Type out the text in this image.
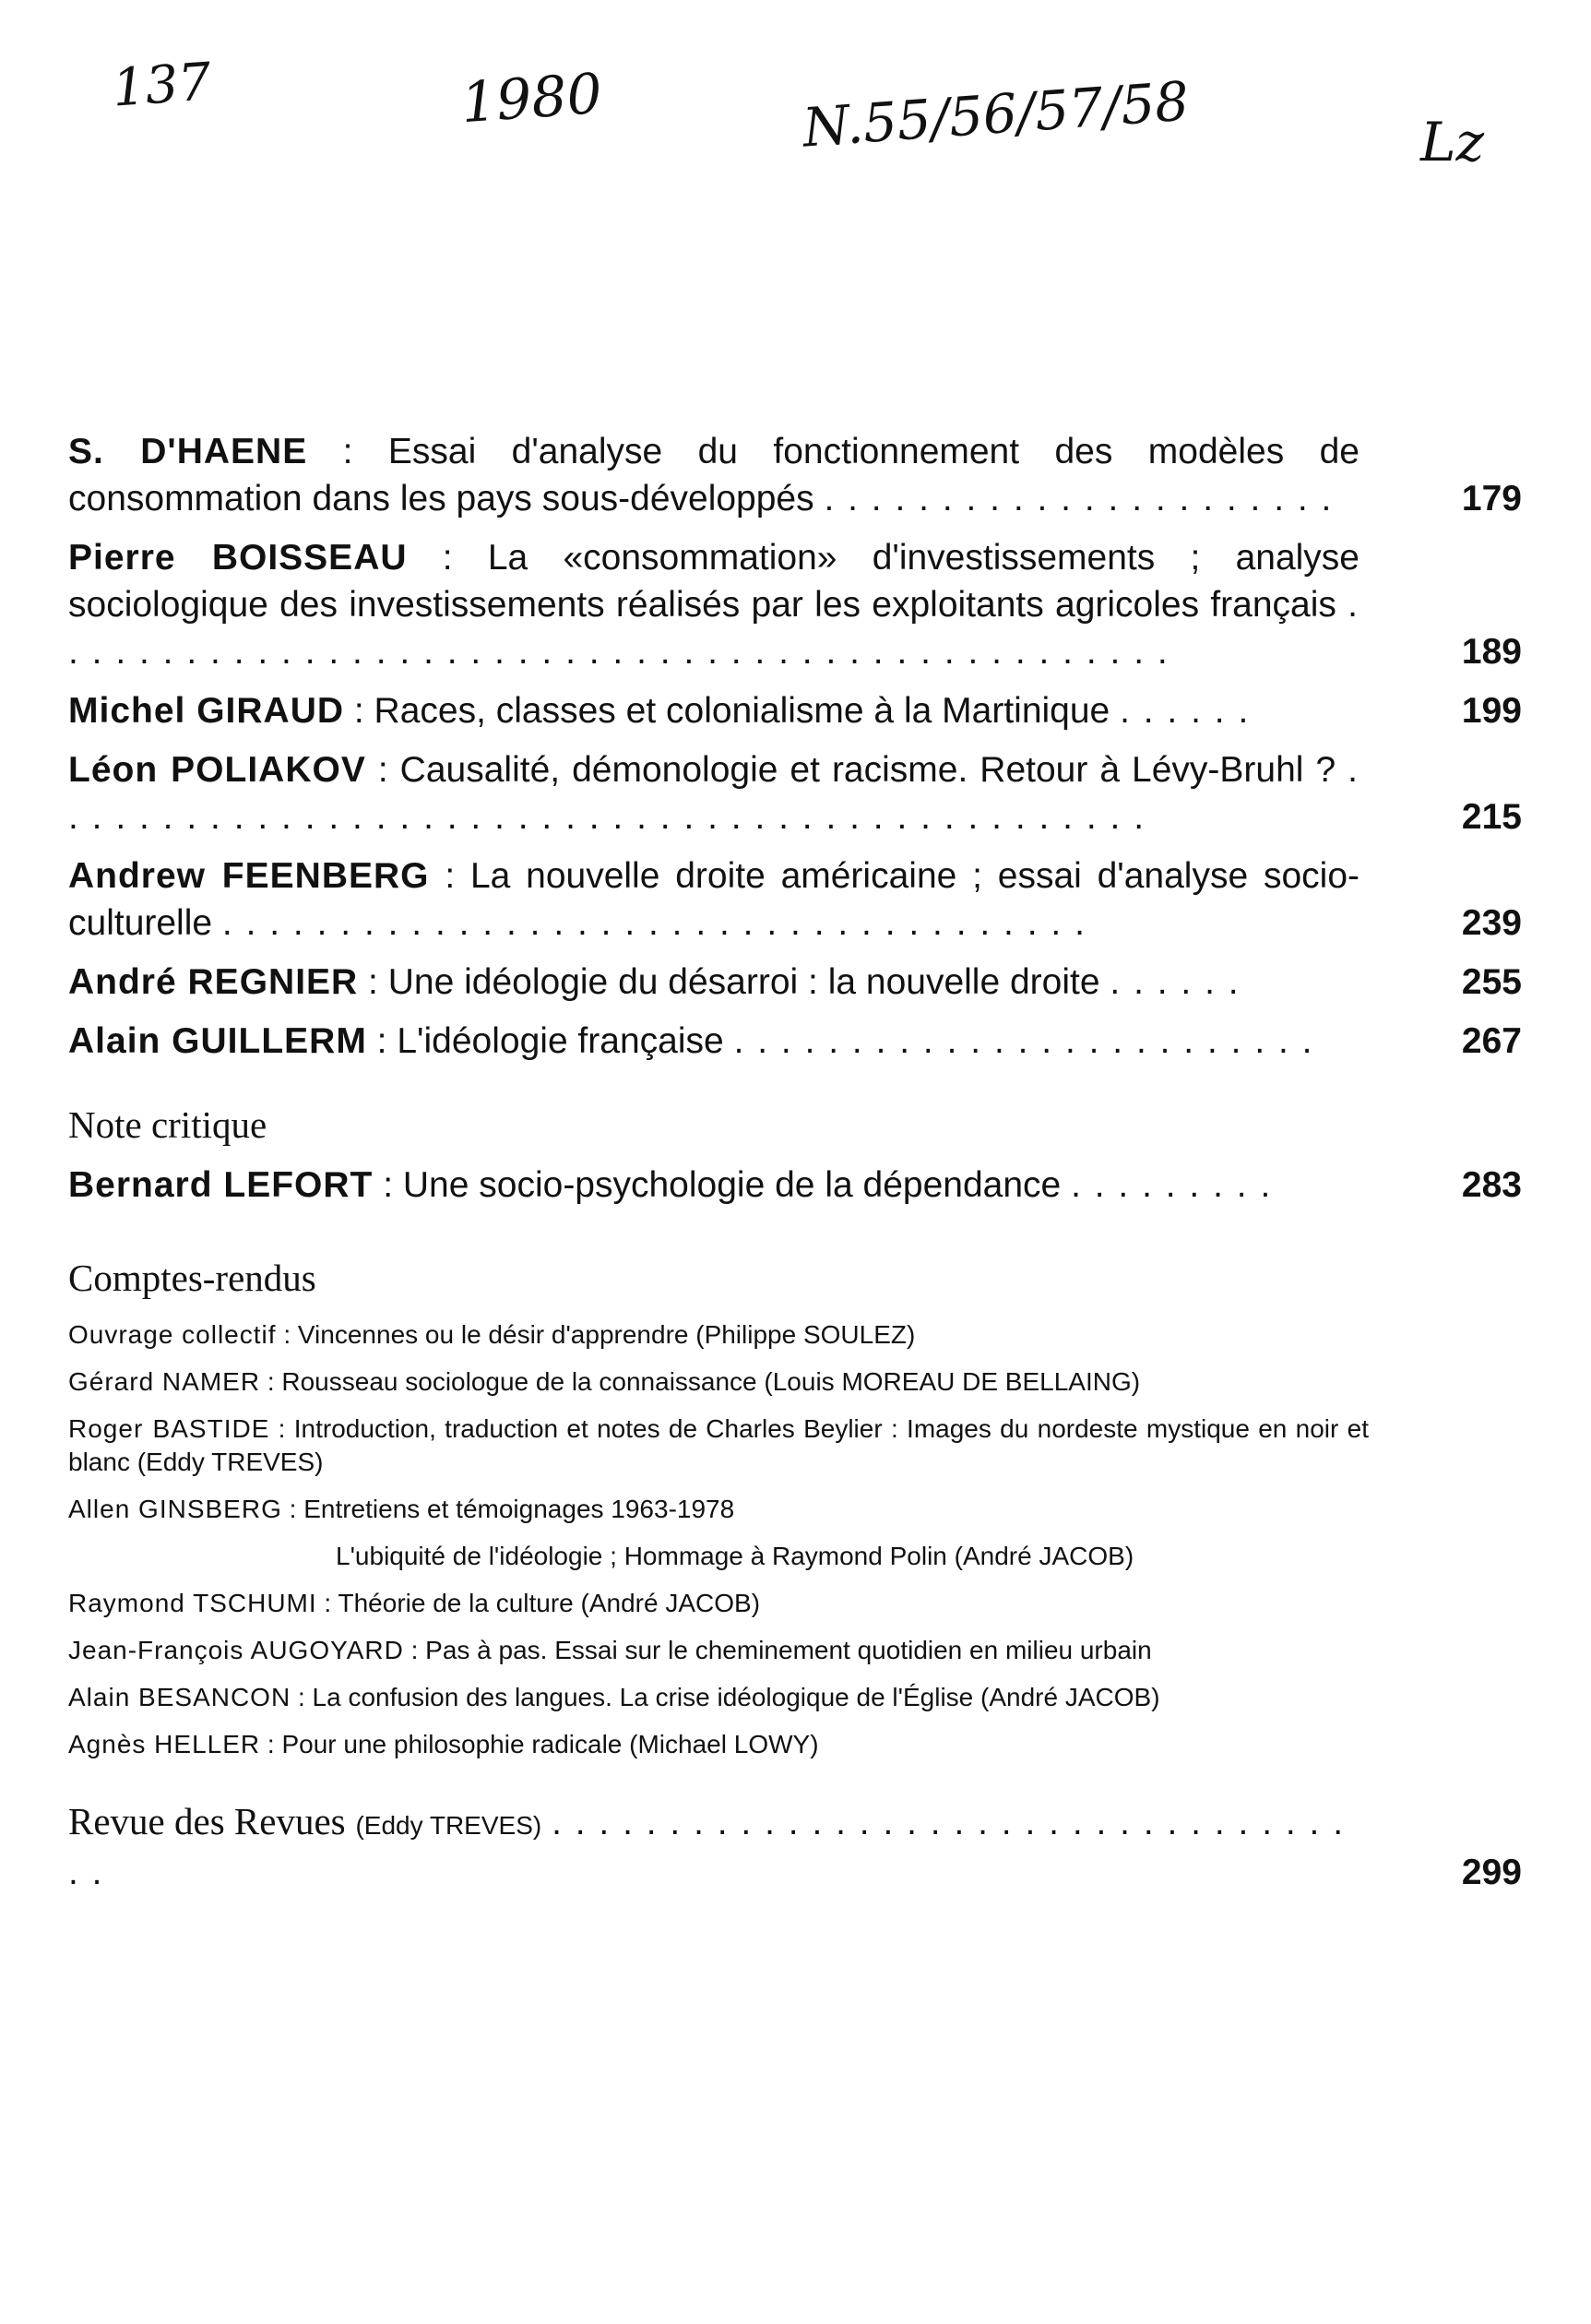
137	1980	N.55/56/57/58	Lz
S. D'HAENE : Essai d'analyse du fonctionnement des modèles de consommation dans les pays sous-développés . . . . . . . . . . . . . . . . . . . . . .	179
Pierre BOISSEAU : La «consommation» d'investissements ; analyse sociologique des investissements réalisés par les exploitants agricoles français . . . . . . . . . . . . . . . . . . . . . . . . . . . . . . . . . . . . . . . . . . . . . . . .	189
Michel GIRAUD : Races, classes et colonialisme à la Martinique . . . . . .	199
Léon POLIAKOV : Causalité, démonologie et racisme. Retour à Lévy-Bruhl ? . . . . . . . . . . . . . . . . . . . . . . . . . . . . . . . . . . . . . . . . . . . . . . .	215
Andrew FEENBERG : La nouvelle droite américaine ; essai d'analyse socio-culturelle . . . . . . . . . . . . . . . . . . . . . . . . . . . . . . . . . . . . .	239
André REGNIER : Une idéologie du désarroi : la nouvelle droite . . . . . .	255
Alain GUILLERM : L'idéologie française . . . . . . . . . . . . . . . . . . . . . . . . .	267
Note critique
Bernard LEFORT : Une socio-psychologie de la dépendance . . . . . . . . .	283
Comptes-rendus
Ouvrage collectif : Vincennes ou le désir d'apprendre (Philippe SOULEZ)
Gérard NAMER : Rousseau sociologue de la connaissance (Louis MOREAU DE BELLAING)
Roger BASTIDE : Introduction, traduction et notes de Charles Beylier : Images du nordeste mystique en noir et blanc (Eddy TREVES)
Allen GINSBERG : Entretiens et témoignages 1963-1978
L'ubiquité de l'idéologie ; Hommage à Raymond Polin (André JACOB)
Raymond TSCHUMI : Théorie de la culture (André JACOB)
Jean-François AUGOYARD : Pas à pas. Essai sur le cheminement quotidien en milieu urbain
Alain BESANCON : La confusion des langues. La crise idéologique de l'Église (André JACOB)
Agnès HELLER : Pour une philosophie radicale (Michael LOWY)
Revue des Revues (Eddy TREVES) . . . . . . . . . . . . . . . . . . . . . . . . . . . . . . . . . . . .	299
